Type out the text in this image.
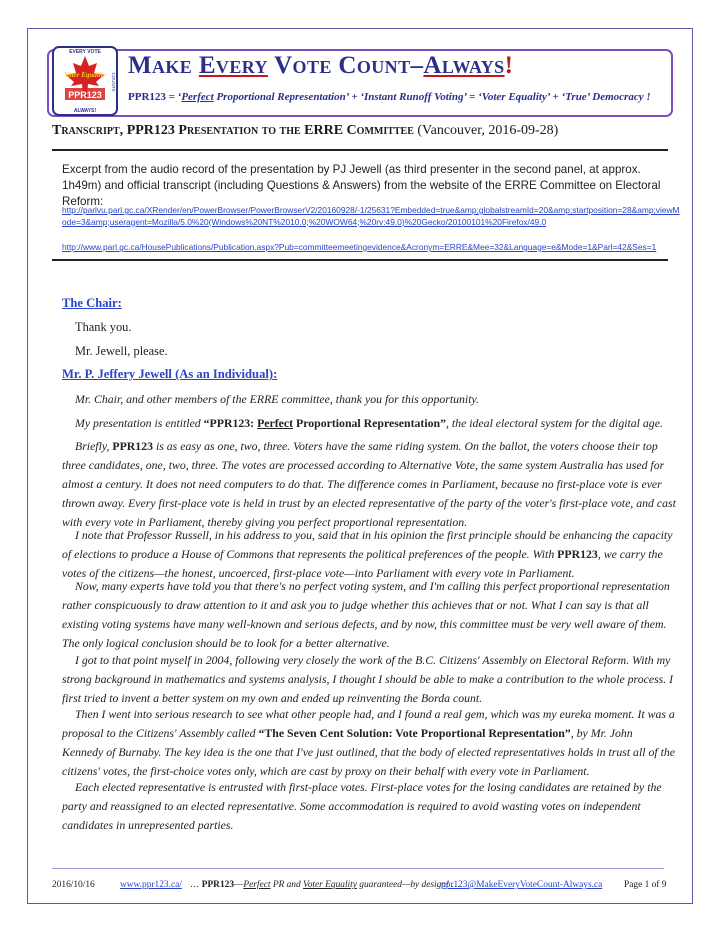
EVERY VOTE
Voter Equality
PPR123
ALWAYS!
COUNTS
Make Every Vote Count–Always!
PPR123 = ‘Perfect Proportional Representation’ + ‘Instant Runoff Voting’ = ‘Voter Equality’ + ‘True’ Democracy !
Transcript, PPR123 Presentation to the ERRE Committee (Vancouver, 2016-09-28)
Excerpt from the audio record of the presentation by PJ Jewell (as third presenter in the second panel, at approx. 1h49m) and official transcript (including Questions & Answers) from the website of the ERRE Committee on Electoral Reform:
http://parlvu.parl.gc.ca/XRender/en/PowerBrowser/PowerBrowserV2/20160928/-1/25631?Embedded=true&amp;globalstreamId=20&amp;startposition=28&amp;viewMode=3&amp;useragent=Mozilla/5.0%20(Windows%20NT%2010.0;%20WOW64;%20rv:49.0)%20Gecko/20100101%20Firefox/49.0
http://www.parl.gc.ca/HousePublications/Publication.aspx?Pub=committeemeetingevidence&Acronym=ERRE&Mee=32&Language=e&Mode=1&Parl=42&Ses=1
The Chair:
Thank you.
Mr. Jewell, please.
Mr. P. Jeffery Jewell (As an Individual):
Mr. Chair, and other members of the ERRE committee, thank you for this opportunity.
My presentation is entitled “PPR123: Perfect Proportional Representation”, the ideal electoral system for the digital age.
Briefly, PPR123 is as easy as one, two, three. Voters have the same riding system. On the ballot, the voters choose their top three candidates, one, two, three. The votes are processed according to Alternative Vote, the same system Australia has used for almost a century. It does not need computers to do that. The difference comes in Parliament, because no first-place vote is ever thrown away. Every first-place vote is held in trust by an elected representative of the party of the voter's first-place vote, and cast with every vote in Parliament, thereby giving you perfect proportional representation.
I note that Professor Russell, in his address to you, said that in his opinion the first principle should be enhancing the capacity of elections to produce a House of Commons that represents the political preferences of the people. With PPR123, we carry the votes of the citizens—the honest, uncoerced, first-place vote—into Parliament with every vote in Parliament.
Now, many experts have told you that there's no perfect voting system, and I'm calling this perfect proportional representation rather conspicuously to draw attention to it and ask you to judge whether this achieves that or not. What I can say is that all existing voting systems have many well-known and serious defects, and by now, this committee must be very well aware of them. The only logical conclusion should be to look for a better alternative.
I got to that point myself in 2004, following very closely the work of the B.C. Citizens' Assembly on Electoral Reform. With my strong background in mathematics and systems analysis, I thought I should be able to make a contribution to the whole process. I first tried to invent a better system on my own and ended up reinventing the Borda count.
Then I went into serious research to see what other people had, and I found a real gem, which was my eureka moment. It was a proposal to the Citizens' Assembly called “The Seven Cent Solution: Vote Proportional Representation”, by Mr. John Kennedy of Burnaby. The key idea is the one that I've just outlined, that the body of elected representatives holds in trust all of the citizens' votes, the first-choice votes only, which are cast by proxy on their behalf with every vote in Parliament.
Each elected representative is entrusted with first-place votes. First-place votes for the losing candidates are retained by the party and reassigned to an elected representative. Some accommodation is required to avoid wasting votes on independent candidates in unrepresented parties.
2016/10/16	www.ppr123.ca/ … PPR123—Perfect PR and Voter Equality guaranteed—by design! …
ppr123@MakeEveryVoteCount-Always.ca Page 1 of 9
